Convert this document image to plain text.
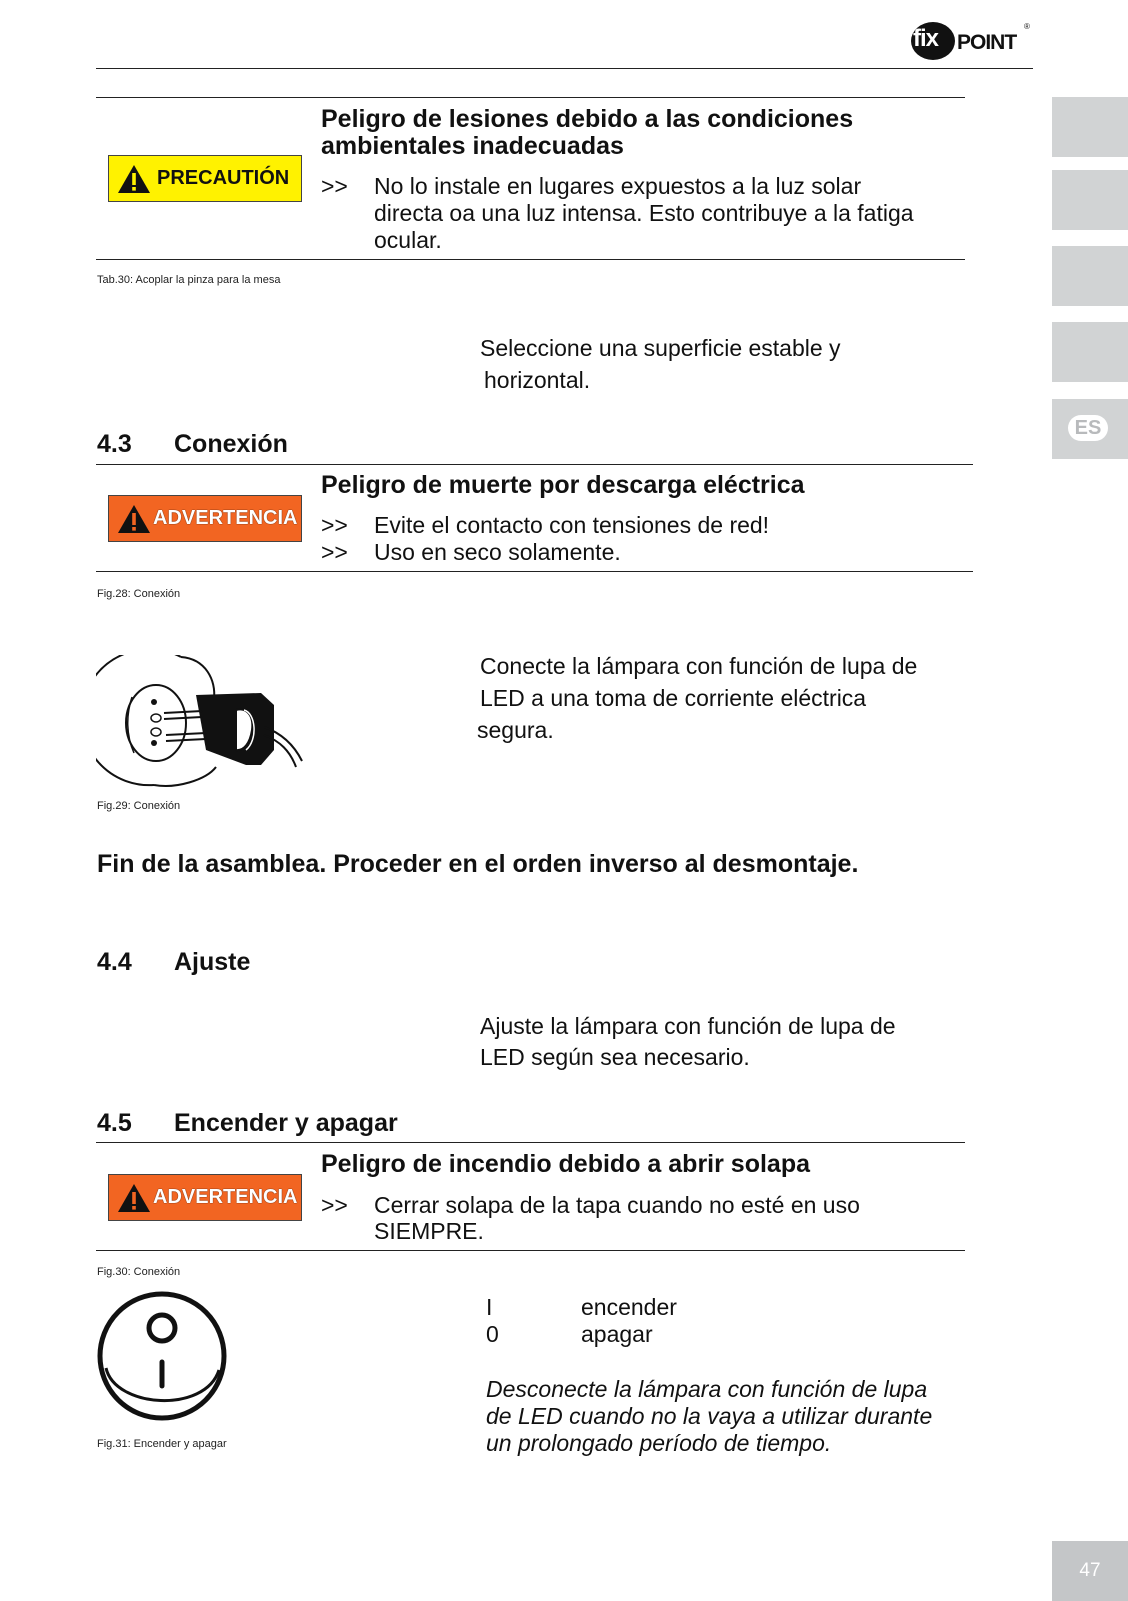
fix POINT
®
ES
PRECAUTIÓN
Peligro de lesiones debido a las condiciones
ambientales inadecuadas
>> No lo instale en lugares expuestos a la luz solar
directa oa una luz intensa. Esto contribuye a la fatiga
ocular.
Tab.30: Acoplar la pinza para la mesa
Seleccione una superficie estable y
horizontal.
4.3 Conexión
ADVERTENCIA
Peligro de muerte por descarga eléctrica
>> Evite el contacto con tensiones de red!
>> Uso en seco solamente.
Fig.28: Conexión
Conecte la lámpara con función de lupa de
LED a una toma de corriente eléctrica
segura.
Fig.29: Conexión
Fin de la asamblea. Proceder en el orden inverso al desmontaje.
4.4 Ajuste
Ajuste la lámpara con función de lupa de
LED según sea necesario.
4.5 Encender y apagar
ADVERTENCIA
Peligro de incendio debido a abrir solapa
>> Cerrar solapa de la tapa cuando no esté en uso
SIEMPRE.
Fig.30: Conexión
I	encender
0	apagar
Desconecte la lámpara con función de lupa
de LED cuando no la vaya a utilizar durante
un prolongado período de tiempo.
Fig.31: Encender y apagar
47
